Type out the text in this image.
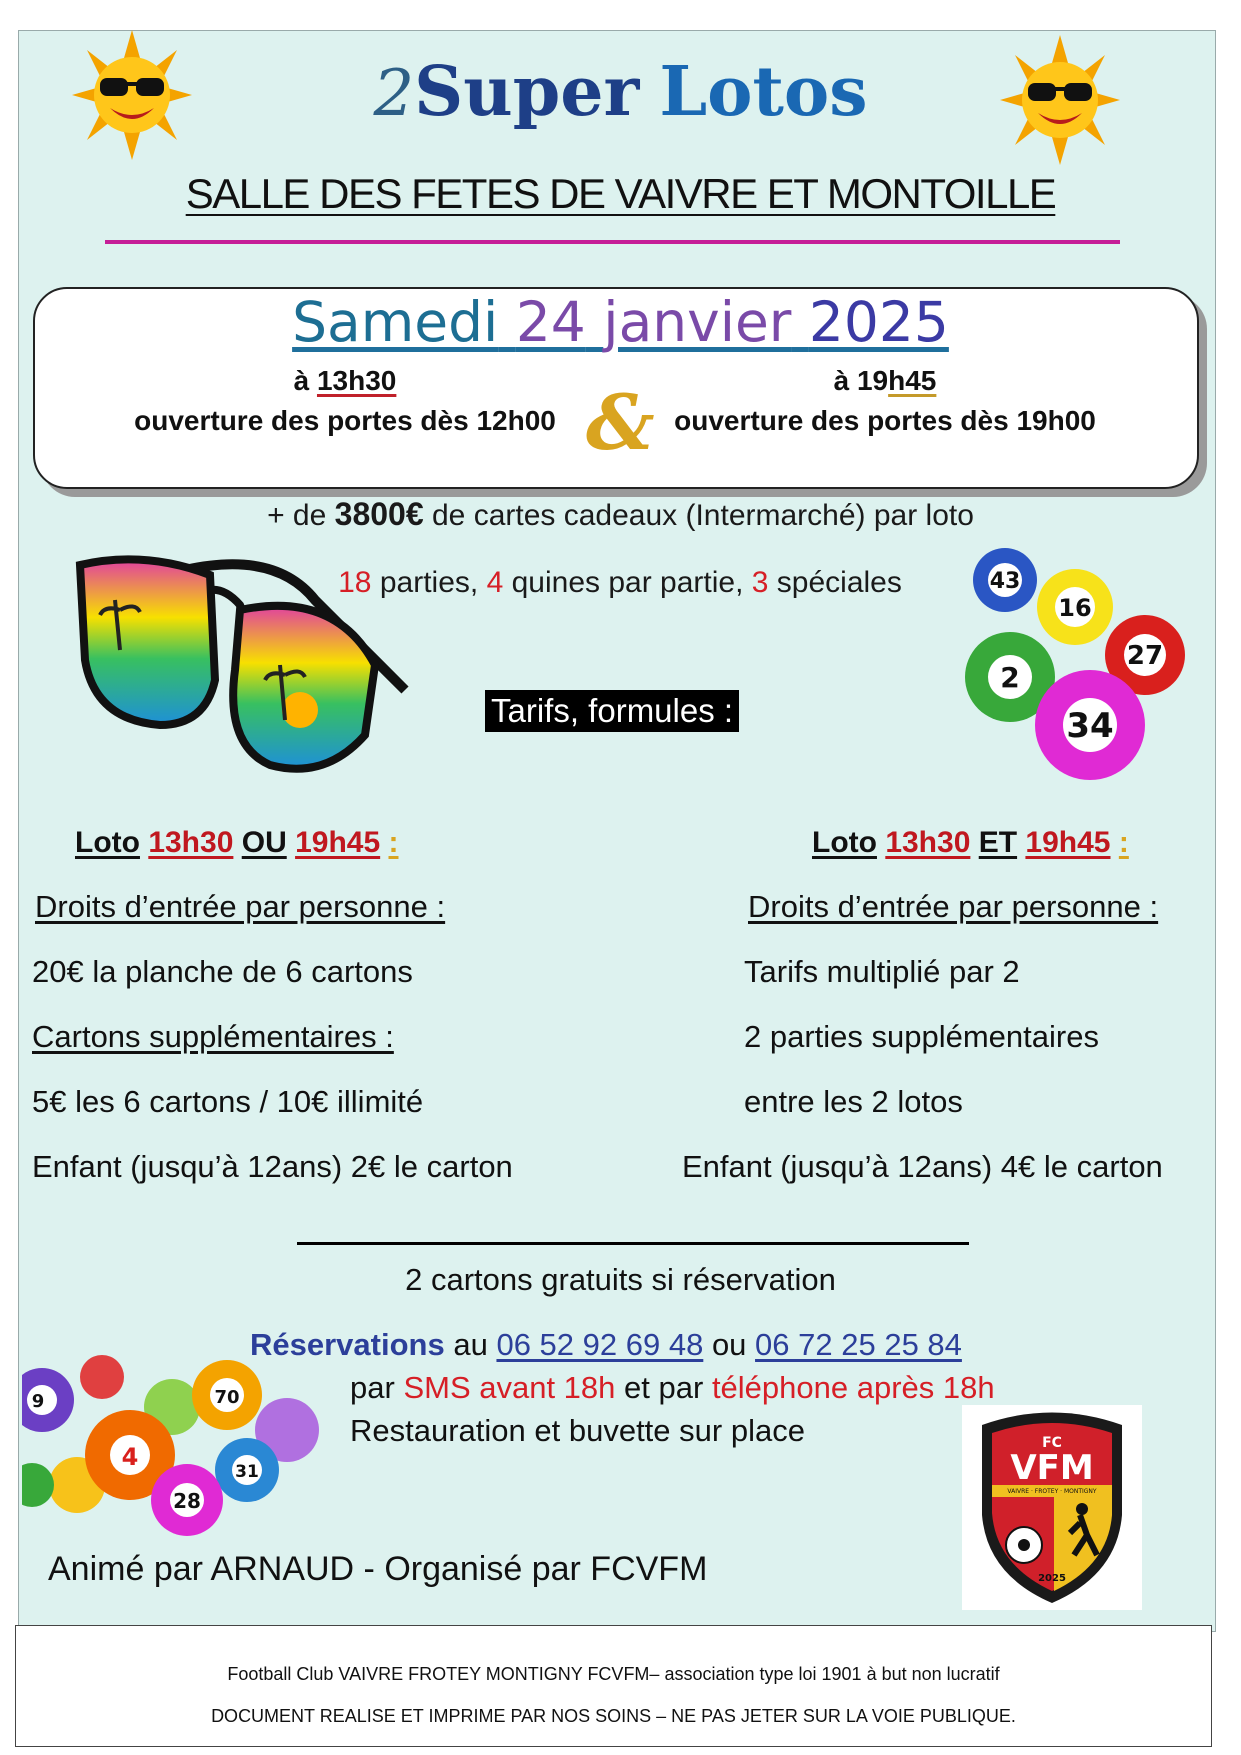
2Super Lotos
SALLE DES FETES DE VAIVRE ET MONTOILLE
Samedi 24 janvier 2025
à 13h30
ouverture des portes dès 12h00 &	à 19h45
ouverture des portes dès 19h00
+ de 3800€ de cartes cadeaux (Intermarché) par loto
18 parties, 4 quines par partie, 3 spéciales
Tarifs, formules :
43
16
27
2
34
Loto 13h30 OU 19h45 :
Droits d’entrée par personne :
20€ la planche de 6 cartons
Cartons supplémentaires :
5€ les 6 cartons / 10€ illimité
Enfant (jusqu’à 12ans) 2€ le carton
Loto 13h30 ET 19h45 :
Droits d’entrée par personne :
Tarifs multiplié par 2
2 parties supplémentaires
entre les 2 lotos
Enfant (jusqu’à 12ans) 4€ le carton
2 cartons gratuits si réservation
Réservations au 06 52 92 69 48 ou 06 72 25 25 84
par SMS avant 18h et par téléphone après 18h
Restauration et buvette sur place
9	70
4
31
28
Animé par ARNAUD - Organisé par FCVFM
FC
VFM
VAIVRE · FROTEY · MONTIGNY
2025
Football Club VAIVRE FROTEY MONTIGNY FCVFM– association type loi 1901 à but non lucratif
DOCUMENT REALISE ET IMPRIME PAR NOS SOINS – NE PAS JETER SUR LA VOIE PUBLIQUE.
